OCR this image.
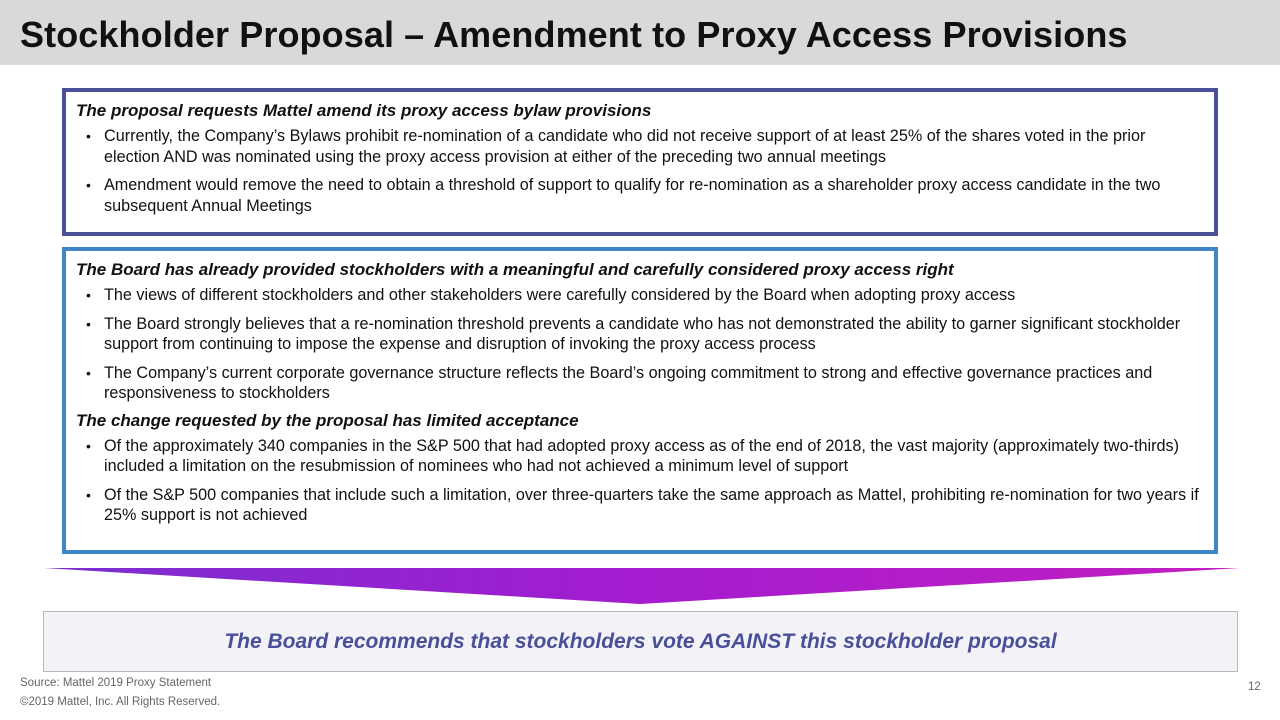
Stockholder Proposal – Amendment to Proxy Access Provisions
The proposal requests Mattel amend its proxy access bylaw provisions
• Currently, the Company’s Bylaws prohibit re-nomination of a candidate who did not receive support of at least 25% of the shares voted in the prior election AND was nominated using the proxy access provision at either of the preceding two annual meetings
• Amendment would remove the need to obtain a threshold of support to qualify for re-nomination as a shareholder proxy access candidate in the two subsequent Annual Meetings
The Board has already provided stockholders with a meaningful and carefully considered proxy access right
• The views of different stockholders and other stakeholders were carefully considered by the Board when adopting proxy access
• The Board strongly believes that a re-nomination threshold prevents a candidate who has not demonstrated the ability to garner significant stockholder support from continuing to impose the expense and disruption of invoking the proxy access process
• The Company’s current corporate governance structure reflects the Board’s ongoing commitment to strong and effective governance practices and responsiveness to stockholders
The change requested by the proposal has limited acceptance
• Of the approximately 340 companies in the S&P 500 that had adopted proxy access as of the end of 2018, the vast majority (approximately two-thirds) included a limitation on the resubmission of nominees who had not achieved a minimum level of support
• Of the S&P 500 companies that include such a limitation, over three-quarters take the same approach as Mattel, prohibiting re-nomination for two years if 25% support is not achieved
The Board recommends that stockholders vote AGAINST this stockholder proposal
Source: Mattel 2019 Proxy Statement
©2019 Mattel, Inc. All Rights Reserved.
12
